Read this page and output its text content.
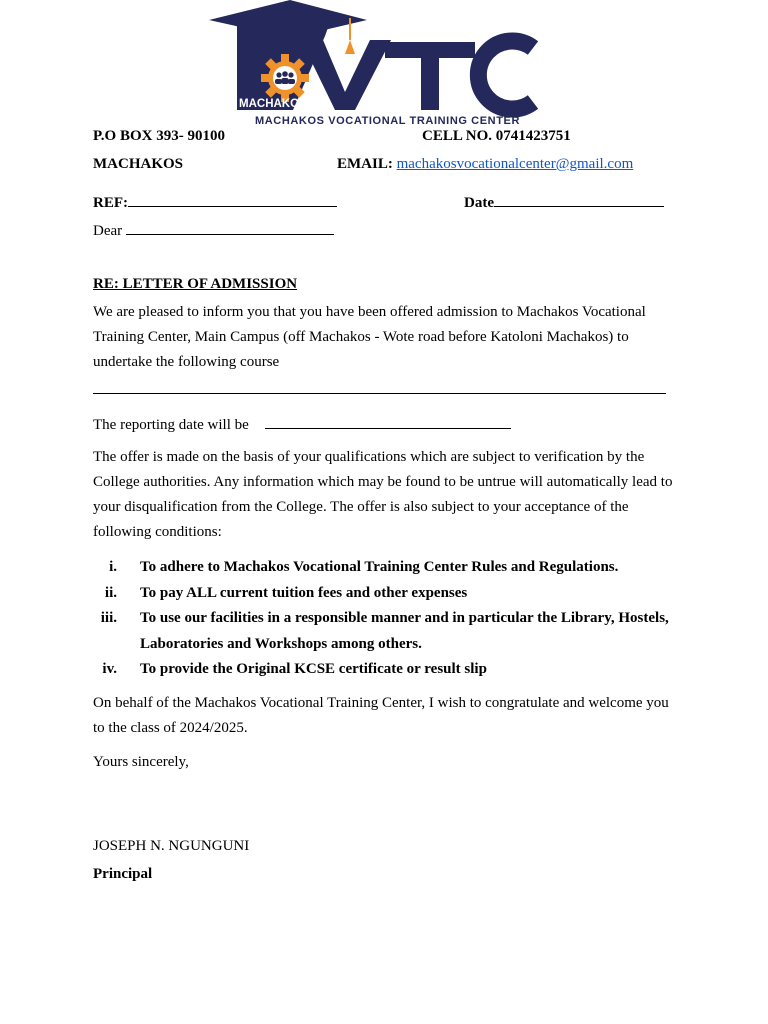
MACHAKOS
MACHAKOS VOCATIONAL TRAINING CENTER
P.O BOX 393- 90100	CELL NO. 0741423751
MACHAKOS	EMAIL: machakosvocationalcenter@gmail.com
REF:	Date
Dear
RE: LETTER OF ADMISSION
We are pleased to inform you that you have been offered admission to Machakos Vocational Training Center, Main Campus (off Machakos - Wote road before Katoloni Machakos) to undertake the following course
The reporting date will be
The offer is made on the basis of your qualifications which are subject to verification by the College authorities. Any information which may be found to be untrue will automatically lead to your disqualification from the College. The offer is also subject to your acceptance of the following conditions:
i. To adhere to Machakos Vocational Training Center Rules and Regulations.
ii. To pay ALL current tuition fees and other expenses
iii. To use our facilities in a responsible manner and in particular the Library, Hostels, Laboratories and Workshops among others.
iv. To provide the Original KCSE certificate or result slip
On behalf of the Machakos Vocational Training Center, I wish to congratulate and welcome you to the class of 2024/2025.
Yours sincerely,
JOSEPH N. NGUNGUNI
Principal
